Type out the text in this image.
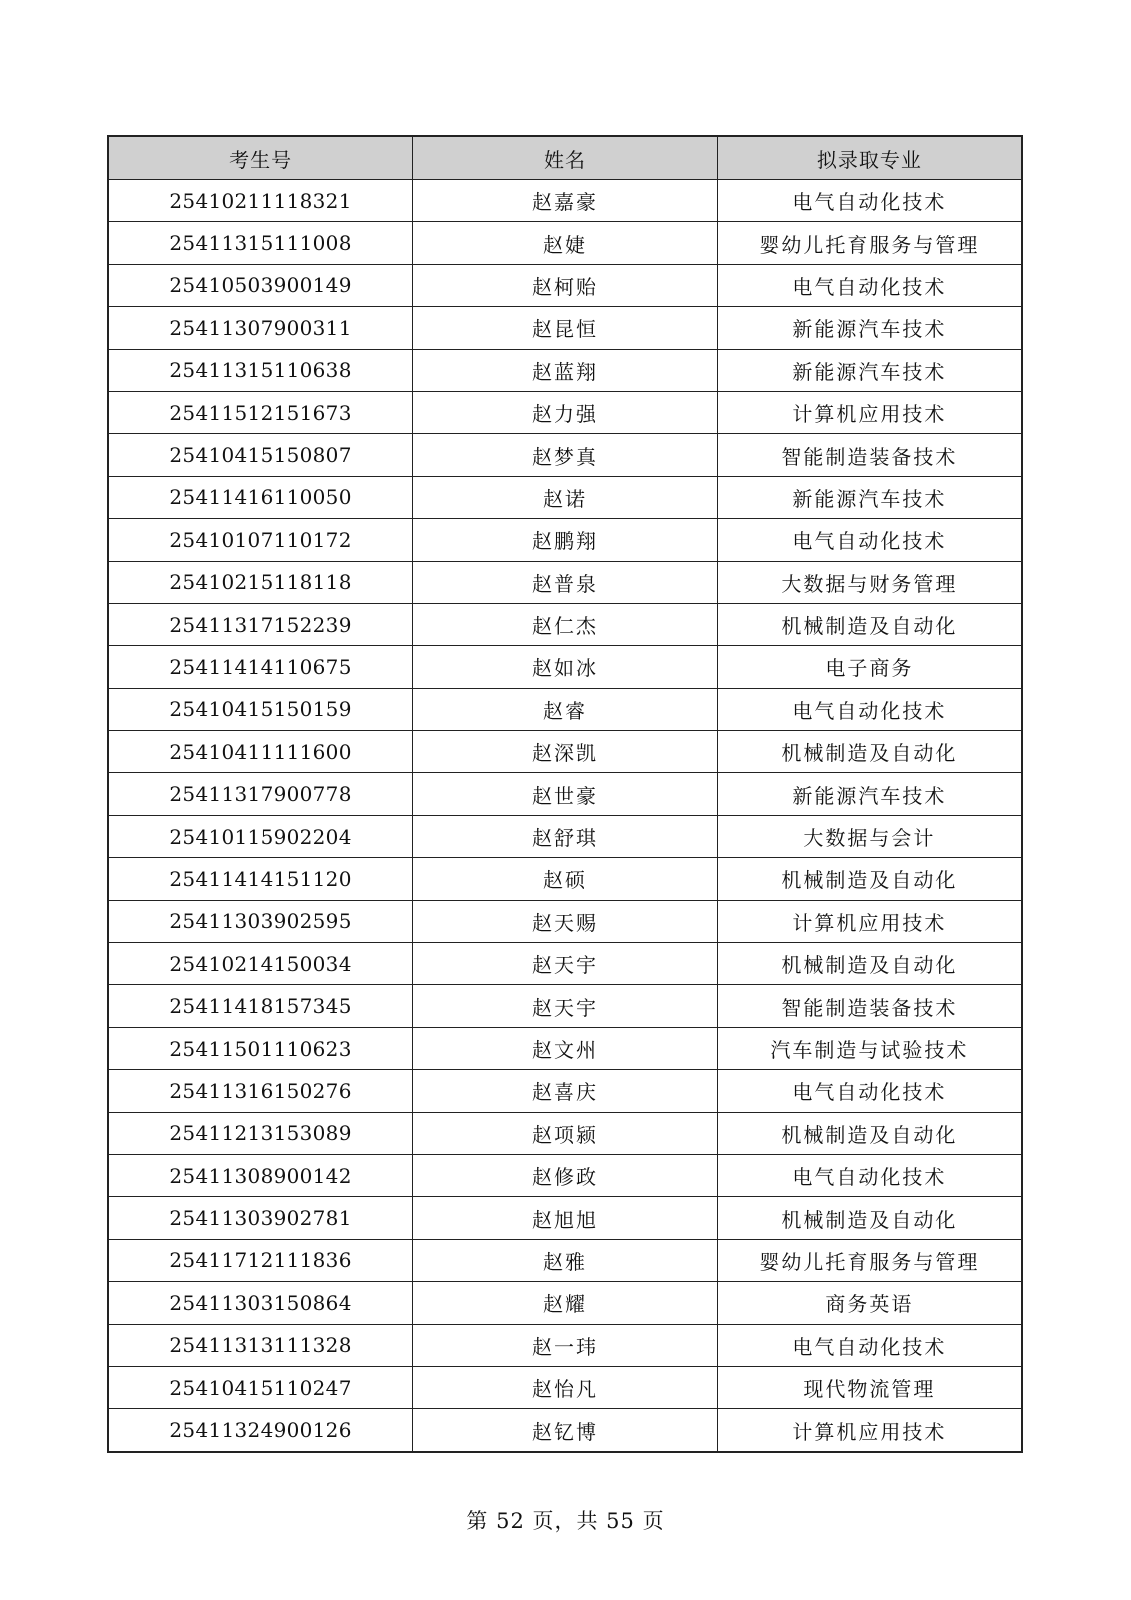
考生号	姓名	拟录取专业
25410211118321	赵嘉豪	电气自动化技术
25411315111008	赵婕	婴幼儿托育服务与管理
25410503900149	赵柯贻	电气自动化技术
25411307900311	赵昆恒	新能源汽车技术
25411315110638	赵蓝翔	新能源汽车技术
25411512151673	赵力强	计算机应用技术
25410415150807	赵梦真	智能制造装备技术
25411416110050	赵诺	新能源汽车技术
25410107110172	赵鹏翔	电气自动化技术
25410215118118	赵普泉	大数据与财务管理
25411317152239	赵仁杰	机械制造及自动化
25411414110675	赵如冰	电子商务
25410415150159	赵睿	电气自动化技术
25410411111600	赵深凯	机械制造及自动化
25411317900778	赵世豪	新能源汽车技术
25410115902204	赵舒琪	大数据与会计
25411414151120	赵硕	机械制造及自动化
25411303902595	赵天赐	计算机应用技术
25410214150034	赵天宇	机械制造及自动化
25411418157345	赵天宇	智能制造装备技术
25411501110623	赵文州	汽车制造与试验技术
25411316150276	赵喜庆	电气自动化技术
25411213153089	赵项颍	机械制造及自动化
25411308900142	赵修政	电气自动化技术
25411303902781	赵旭旭	机械制造及自动化
25411712111836	赵雅	婴幼儿托育服务与管理
25411303150864	赵耀	商务英语
25411313111328	赵一玮	电气自动化技术
25410415110247	赵怡凡	现代物流管理
25411324900126	赵钇博	计算机应用技术
第 52 页，共 55 页
